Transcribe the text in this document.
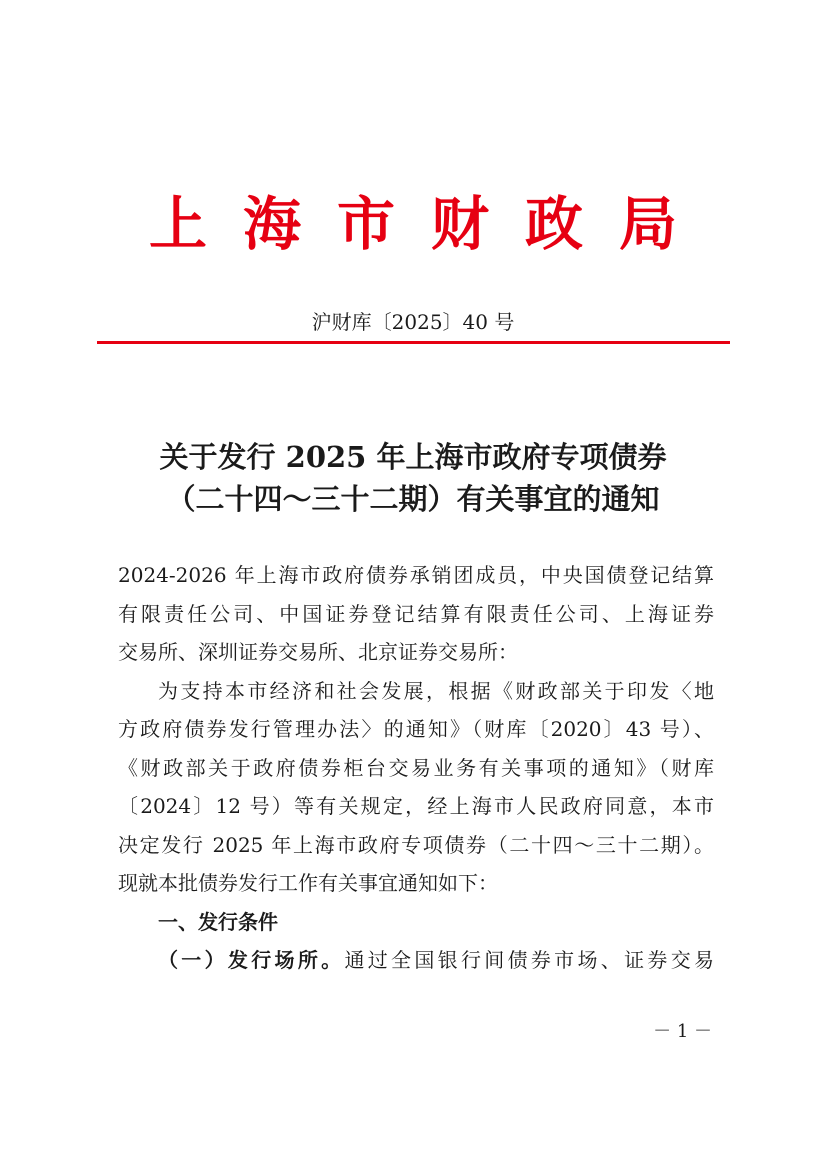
上海市财政局
沪财库〔2025〕40 号
关于发行 2025 年上海市政府专项债券
（二十四～三十二期）有关事宜的通知

2024-2026 年上海市政府债券承销团成员，中央国债登记结算

有限责任公司、中国证券登记结算有限责任公司、上海证券

交易所、深圳证券交易所、北京证券交易所：

为支持本市经济和社会发展，根据《财政部关于印发〈地

方政府债券发行管理办法〉的通知》（财库〔2020〕43 号）、

《财政部关于政府债券柜台交易业务有关事项的通知》（财库

〔2024〕12 号）等有关规定，经上海市人民政府同意，本市

决定发行 2025 年上海市政府专项债券（二十四～三十二期）。

现就本批债券发行工作有关事宜通知如下：

一、发行条件

（一）发行场所。通过全国银行间债券市场、证券交易

－ 1 －
